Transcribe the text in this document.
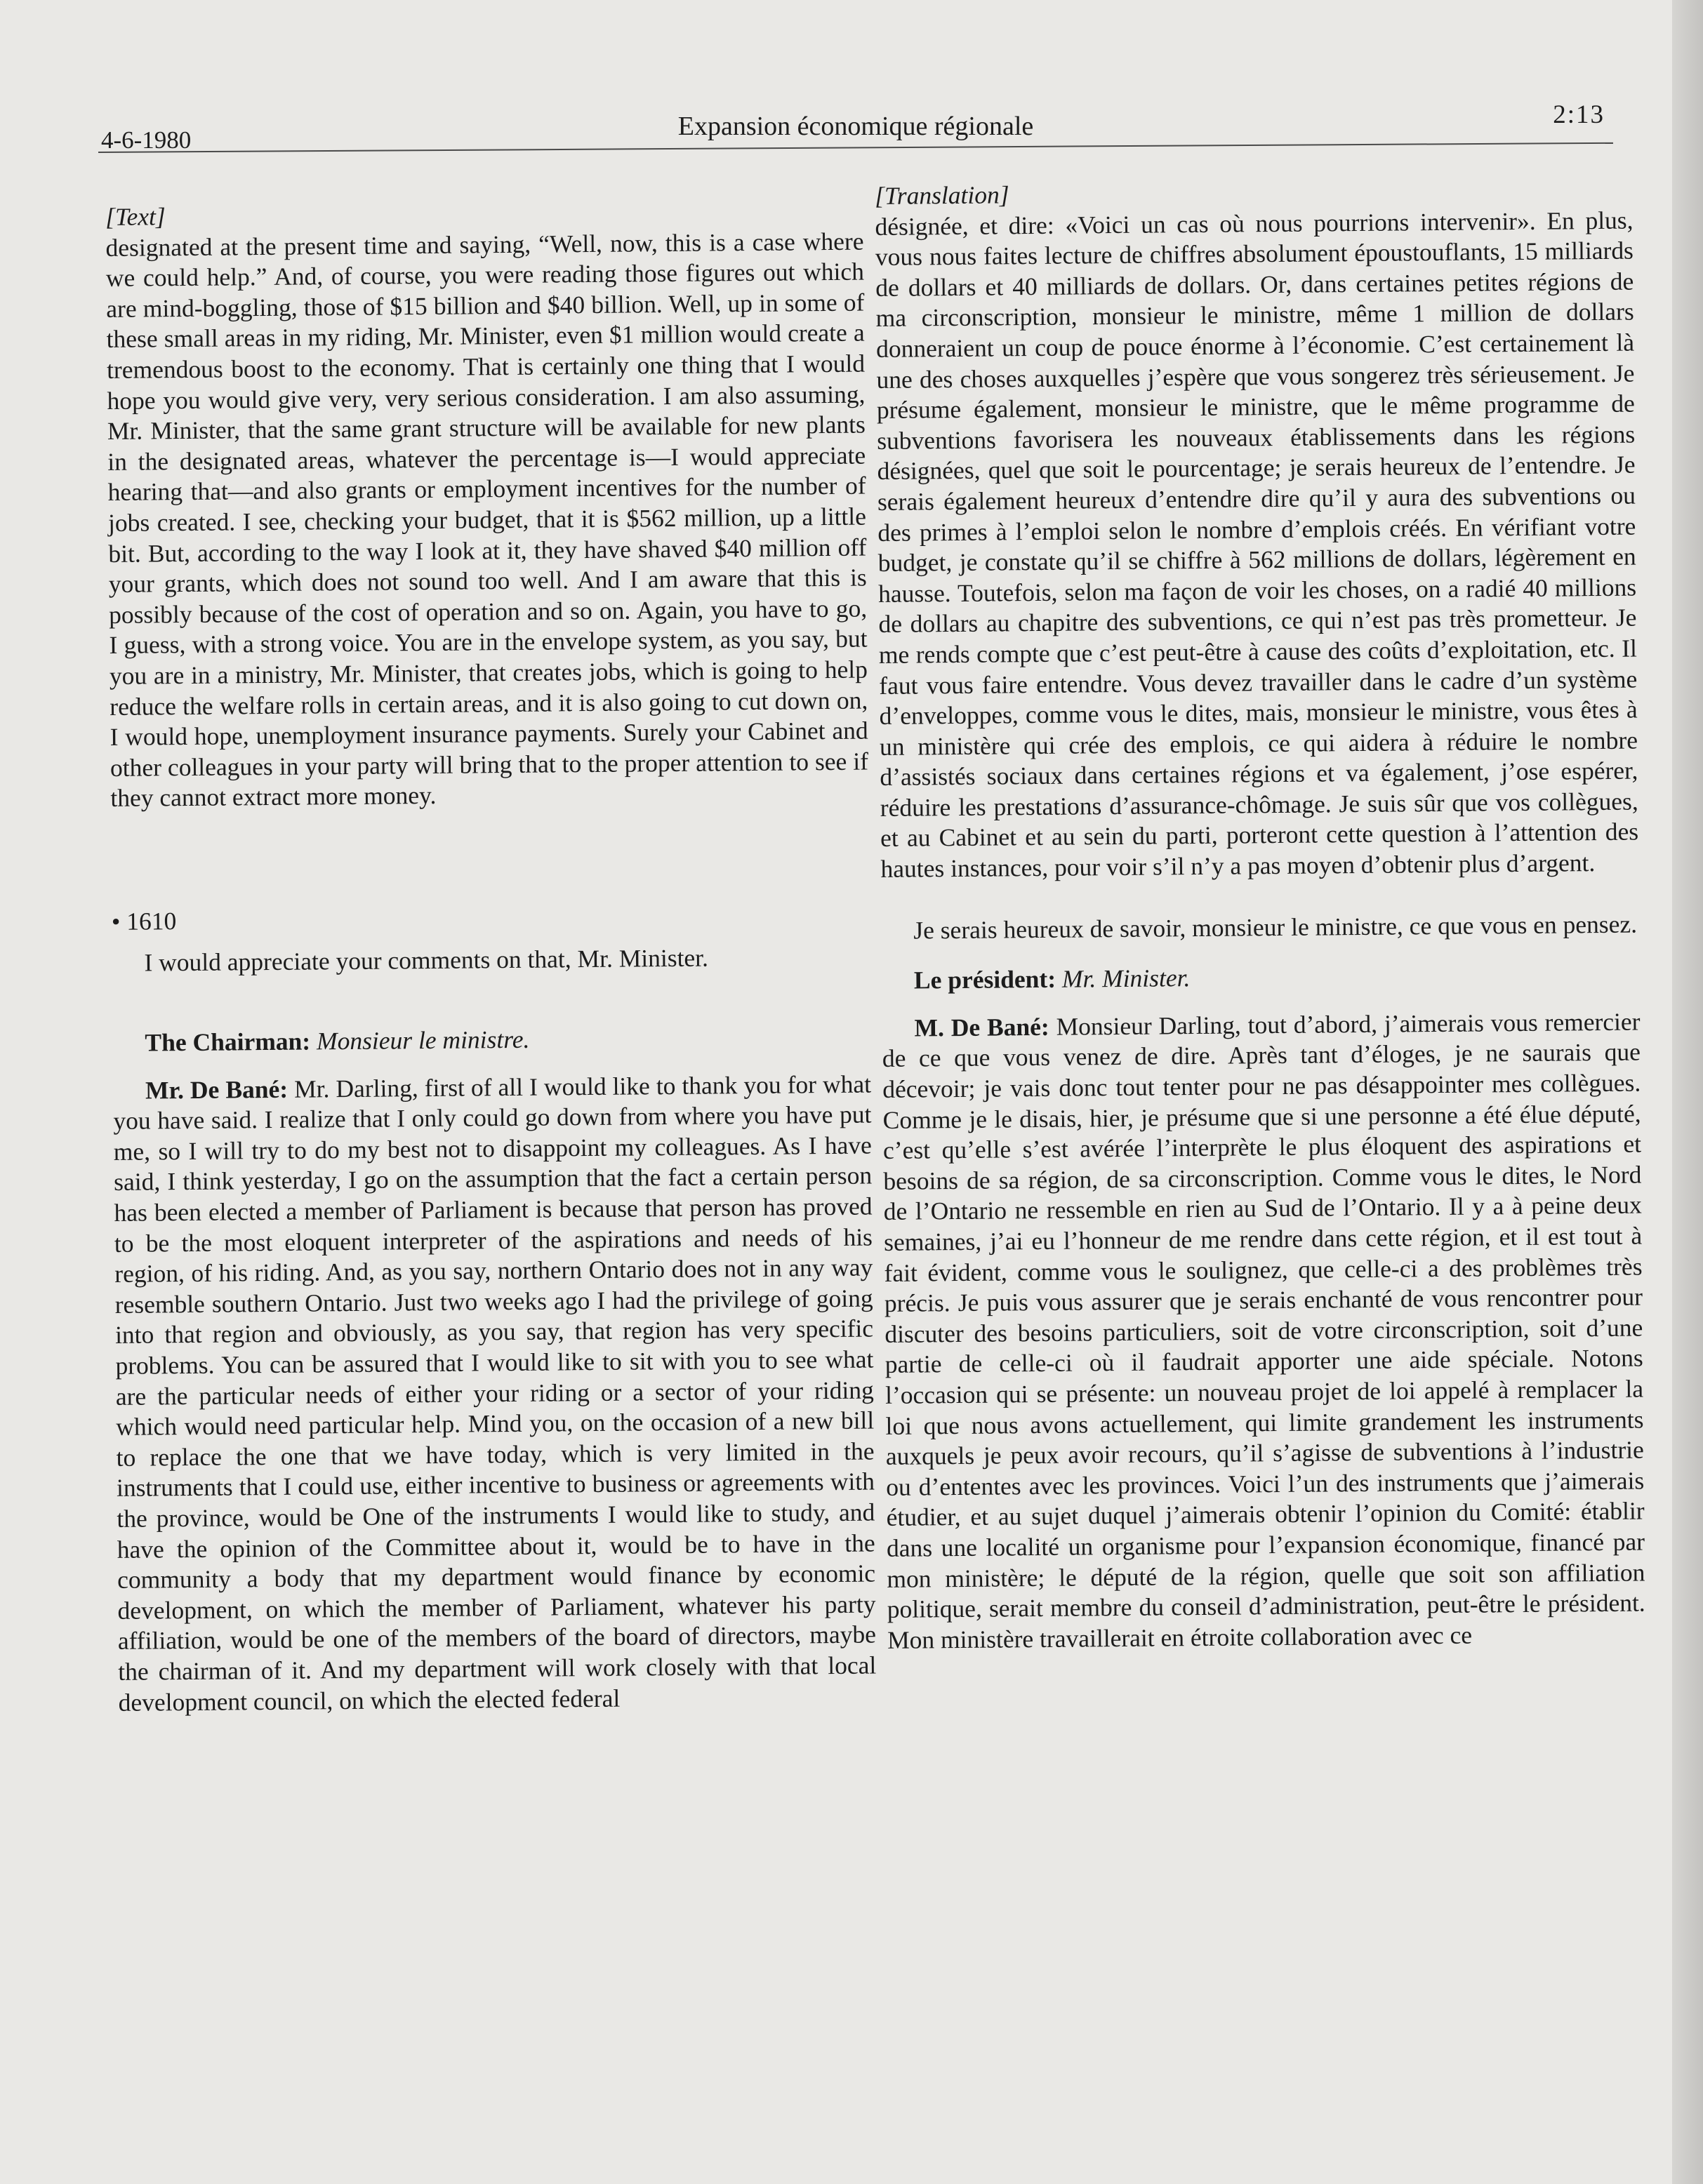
4-6-1980	Expansion économique régionale	2:13

[Text]

designated at the present time and saying, “Well, now, this is a case where we could help.” And, of course, you were reading those figures out which are mind-boggling, those of $15 billion and $40 billion. Well, up in some of these small areas in my riding, Mr. Minister, even $1 million would create a tremendous boost to the economy. That is certainly one thing that I would hope you would give very, very serious consideration. I am also assuming, Mr. Minister, that the same grant structure will be available for new plants in the designated areas, whatever the percentage is—I would appreciate hearing that—and also grants or employment incentives for the number of jobs created. I see, checking your budget, that it is $562 million, up a little bit. But, according to the way I look at it, they have shaved $40 million off your grants, which does not sound too well. And I am aware that this is possibly because of the cost of operation and so on. Again, you have to go, I guess, with a strong voice. You are in the envelope system, as you say, but you are in a ministry, Mr. Minister, that creates jobs, which is going to help reduce the welfare rolls in certain areas, and it is also going to cut down on, I would hope, unemployment insurance payments. Surely your Cabinet and other colleagues in your party will bring that to the proper attention to see if they cannot extract more money.

• 1610

I would appreciate your comments on that, Mr. Minister.

The Chairman: Monsieur le ministre.

Mr. De Bané: Mr. Darling, first of all I would like to thank you for what you have said. I realize that I only could go down from where you have put me, so I will try to do my best not to disappoint my colleagues. As I have said, I think yesterday, I go on the assumption that the fact a certain person has been elected a member of Parliament is because that person has proved to be the most eloquent interpreter of the aspirations and needs of his region, of his riding. And, as you say, northern Ontario does not in any way resemble southern Ontario. Just two weeks ago I had the privilege of going into that region and obviously, as you say, that region has very specific problems. You can be assured that I would like to sit with you to see what are the particular needs of either your riding or a sector of your riding which would need particular help. Mind you, on the occasion of a new bill to replace the one that we have today, which is very limited in the instruments that I could use, either incentive to business or agreements with the province, would be One of the instruments I would like to study, and have the opinion of the Committee about it, would be to have in the community a body that my department would finance by economic development, on which the member of Parliament, whatever his party affiliation, would be one of the members of the board of directors, maybe the chairman of it. And my department will work closely with that local development council, on which the elected federal

[Translation]

désignée, et dire: «Voici un cas où nous pourrions intervenir». En plus, vous nous faites lecture de chiffres absolument époustouflants, 15 milliards de dollars et 40 milliards de dollars. Or, dans certaines petites régions de ma circonscription, monsieur le ministre, même 1 million de dollars donneraient un coup de pouce énorme à l’économie. C’est certainement là une des choses auxquelles j’espère que vous songerez très sérieusement. Je présume également, monsieur le ministre, que le même programme de subventions favorisera les nouveaux établissements dans les régions désignées, quel que soit le pourcentage; je serais heureux de l’entendre. Je serais également heureux d’entendre dire qu’il y aura des subventions ou des primes à l’emploi selon le nombre d’emplois créés. En vérifiant votre budget, je constate qu’il se chiffre à 562 millions de dollars, légèrement en hausse. Toutefois, selon ma façon de voir les choses, on a radié 40 millions de dollars au chapitre des subventions, ce qui n’est pas très prometteur. Je me rends compte que c’est peut-être à cause des coûts d’exploitation, etc. Il faut vous faire entendre. Vous devez travailler dans le cadre d’un système d’enveloppes, comme vous le dites, mais, monsieur le ministre, vous êtes à un ministère qui crée des emplois, ce qui aidera à réduire le nombre d’assistés sociaux dans certaines régions et va également, j’ose espérer, réduire les prestations d’assurance-chômage. Je suis sûr que vos collègues, et au Cabinet et au sein du parti, porteront cette question à l’attention des hautes instances, pour voir s’il n’y a pas moyen d’obtenir plus d’argent.

Je serais heureux de savoir, monsieur le ministre, ce que vous en pensez.

Le président: Mr. Minister.

M. De Bané: Monsieur Darling, tout d’abord, j’aimerais vous remercier de ce que vous venez de dire. Après tant d’éloges, je ne saurais que décevoir; je vais donc tout tenter pour ne pas désappointer mes collègues. Comme je le disais, hier, je présume que si une personne a été élue député, c’est qu’elle s’est avérée l’interprète le plus éloquent des aspirations et besoins de sa région, de sa circonscription. Comme vous le dites, le Nord de l’Ontario ne ressemble en rien au Sud de l’Ontario. Il y a à peine deux semaines, j’ai eu l’honneur de me rendre dans cette région, et il est tout à fait évident, comme vous le soulignez, que celle-ci a des problèmes très précis. Je puis vous assurer que je serais enchanté de vous rencontrer pour discuter des besoins particuliers, soit de votre circonscription, soit d’une partie de celle-ci où il faudrait apporter une aide spéciale. Notons l’occasion qui se présente: un nouveau projet de loi appelé à remplacer la loi que nous avons actuellement, qui limite grandement les instruments auxquels je peux avoir recours, qu’il s’agisse de subventions à l’industrie ou d’ententes avec les provinces. Voici l’un des instruments que j’aimerais étudier, et au sujet duquel j’aimerais obtenir l’opinion du Comité: établir dans une localité un organisme pour l’expansion économique, financé par mon ministère; le député de la région, quelle que soit son affiliation politique, serait membre du conseil d’administration, peut-être le président. Mon ministère travaillerait en étroite collaboration avec ce
